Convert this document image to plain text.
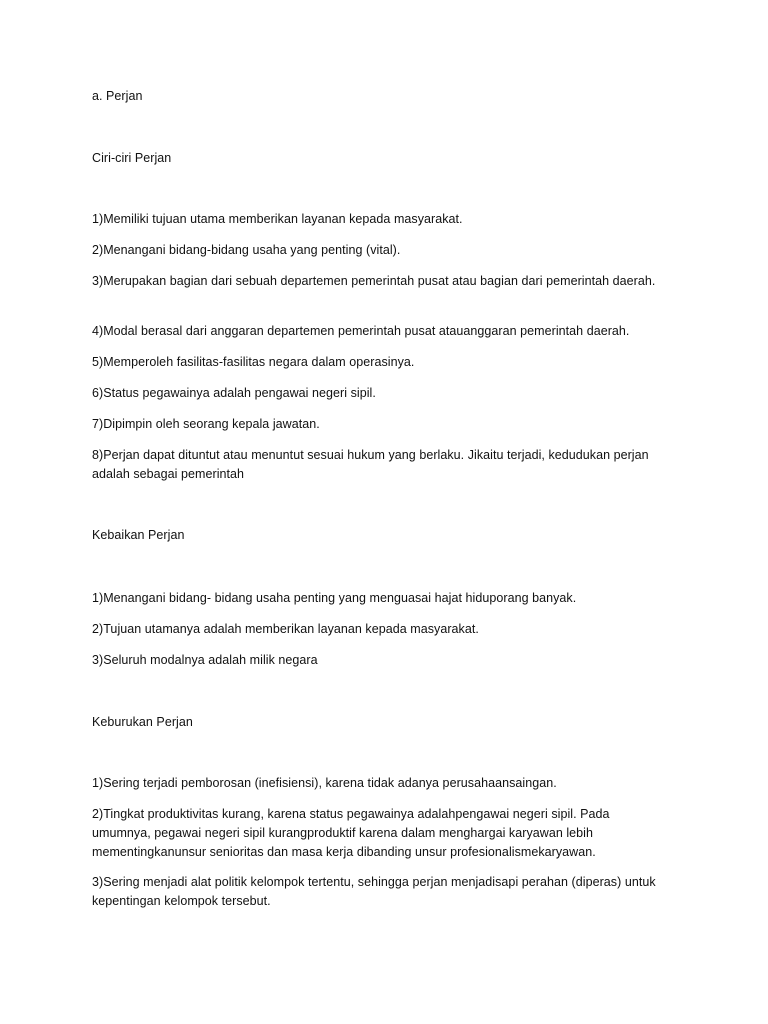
a. Perjan
Ciri-ciri Perjan
1)Memiliki tujuan utama memberikan layanan kepada masyarakat.
2)Menangani bidang-bidang usaha yang penting (vital).
3)Merupakan bagian dari sebuah departemen pemerintah pusat atau bagian dari pemerintah daerah.
4)Modal berasal dari anggaran departemen pemerintah pusat atauanggaran pemerintah daerah.
5)Memperoleh fasilitas-fasilitas negara dalam operasinya.
6)Status pegawainya adalah pengawai negeri sipil.
7)Dipimpin oleh seorang kepala jawatan.
8)Perjan dapat dituntut atau menuntut sesuai hukum yang berlaku. Jikaitu terjadi, kedudukan perjan adalah sebagai pemerintah
Kebaikan Perjan
1)Menangani bidang- bidang usaha penting yang menguasai hajat hiduporang banyak.
2)Tujuan utamanya adalah memberikan layanan kepada masyarakat.
3)Seluruh modalnya adalah milik negara
Keburukan Perjan
1)Sering terjadi pemborosan (inefisiensi), karena tidak adanya perusahaansaingan.
2)Tingkat produktivitas kurang, karena status pegawainya adalahpengawai negeri sipil. Pada umumnya, pegawai negeri sipil kurangproduktif karena dalam menghargai karyawan lebih mementingkanunsur senioritas dan masa kerja dibanding unsur profesionalismekaryawan.
3)Sering menjadi alat politik kelompok tertentu, sehingga perjan menjadisapi perahan (diperas) untuk kepentingan kelompok tersebut.
